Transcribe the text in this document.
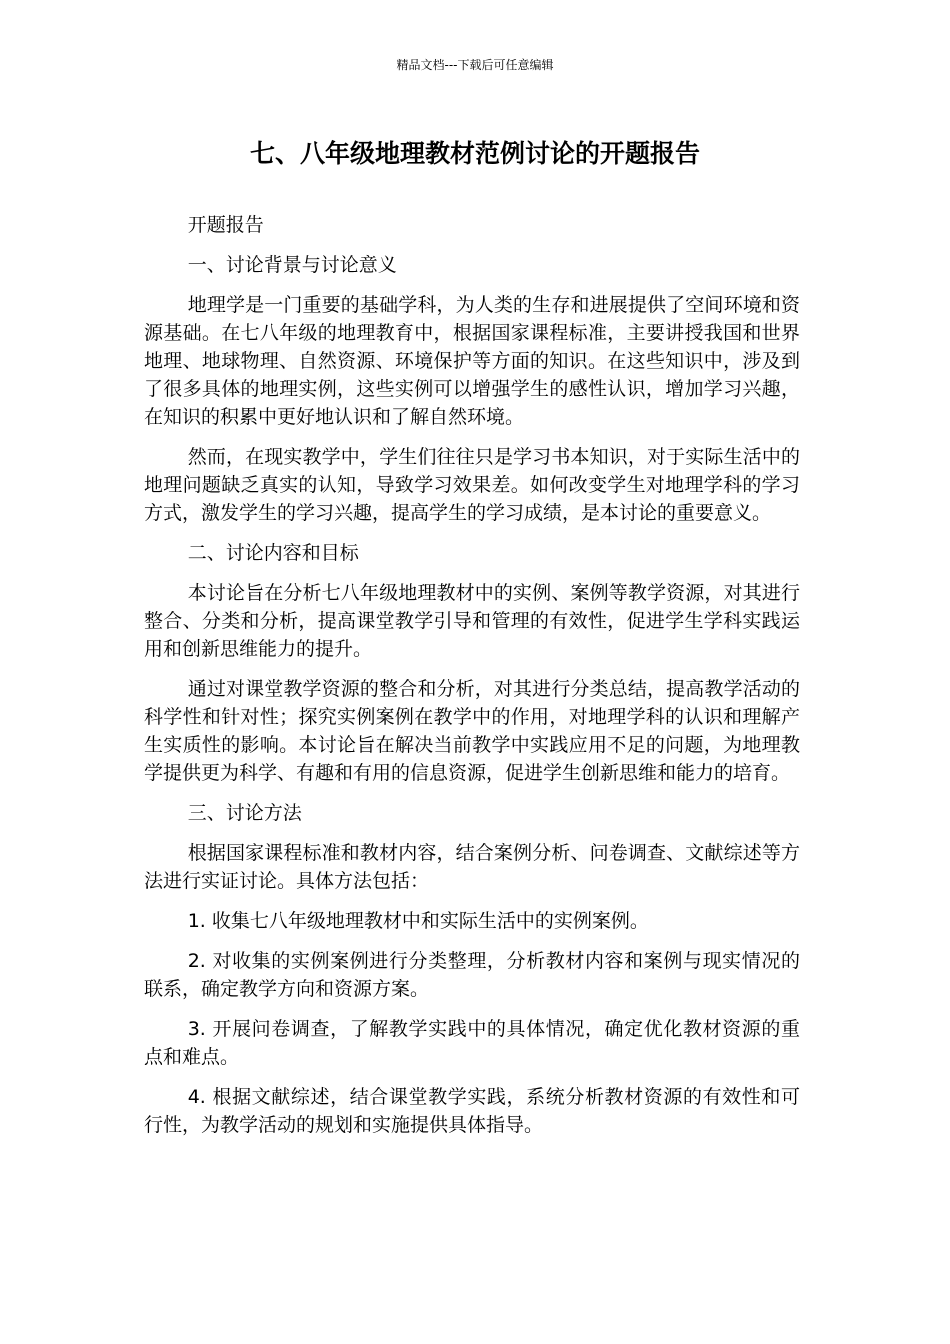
精品文档---下载后可任意编辑
七、八年级地理教材范例讨论的开题报告

开题报告

一、讨论背景与讨论意义

地理学是一门重要的基础学科，为人类的生存和进展提供了空间环境和资源基础。在七八年级的地理教育中，根据国家课程标准，主要讲授我国和世界地理、地球物理、自然资源、环境保护等方面的知识。在这些知识中，涉及到了很多具体的地理实例，这些实例可以增强学生的感性认识，增加学习兴趣，在知识的积累中更好地认识和了解自然环境。

然而，在现实教学中，学生们往往只是学习书本知识，对于实际生活中的地理问题缺乏真实的认知，导致学习效果差。如何改变学生对地理学科的学习方式，激发学生的学习兴趣，提高学生的学习成绩，是本讨论的重要意义。

二、讨论内容和目标

本讨论旨在分析七八年级地理教材中的实例、案例等教学资源，对其进行整合、分类和分析，提高课堂教学引导和管理的有效性，促进学生学科实践运用和创新思维能力的提升。

通过对课堂教学资源的整合和分析，对其进行分类总结，提高教学活动的科学性和针对性；探究实例案例在教学中的作用，对地理学科的认识和理解产生实质性的影响。本讨论旨在解决当前教学中实践应用不足的问题，为地理教学提供更为科学、有趣和有用的信息资源，促进学生创新思维和能力的培育。

三、讨论方法

根据国家课程标准和教材内容，结合案例分析、问卷调查、文献综述等方法进行实证讨论。具体方法包括：

1. 收集七八年级地理教材中和实际生活中的实例案例。

2. 对收集的实例案例进行分类整理，分析教材内容和案例与现实情况的联系，确定教学方向和资源方案。

3. 开展问卷调查，了解教学实践中的具体情况，确定优化教材资源的重点和难点。

4. 根据文献综述，结合课堂教学实践，系统分析教材资源的有效性和可行性，为教学活动的规划和实施提供具体指导。
